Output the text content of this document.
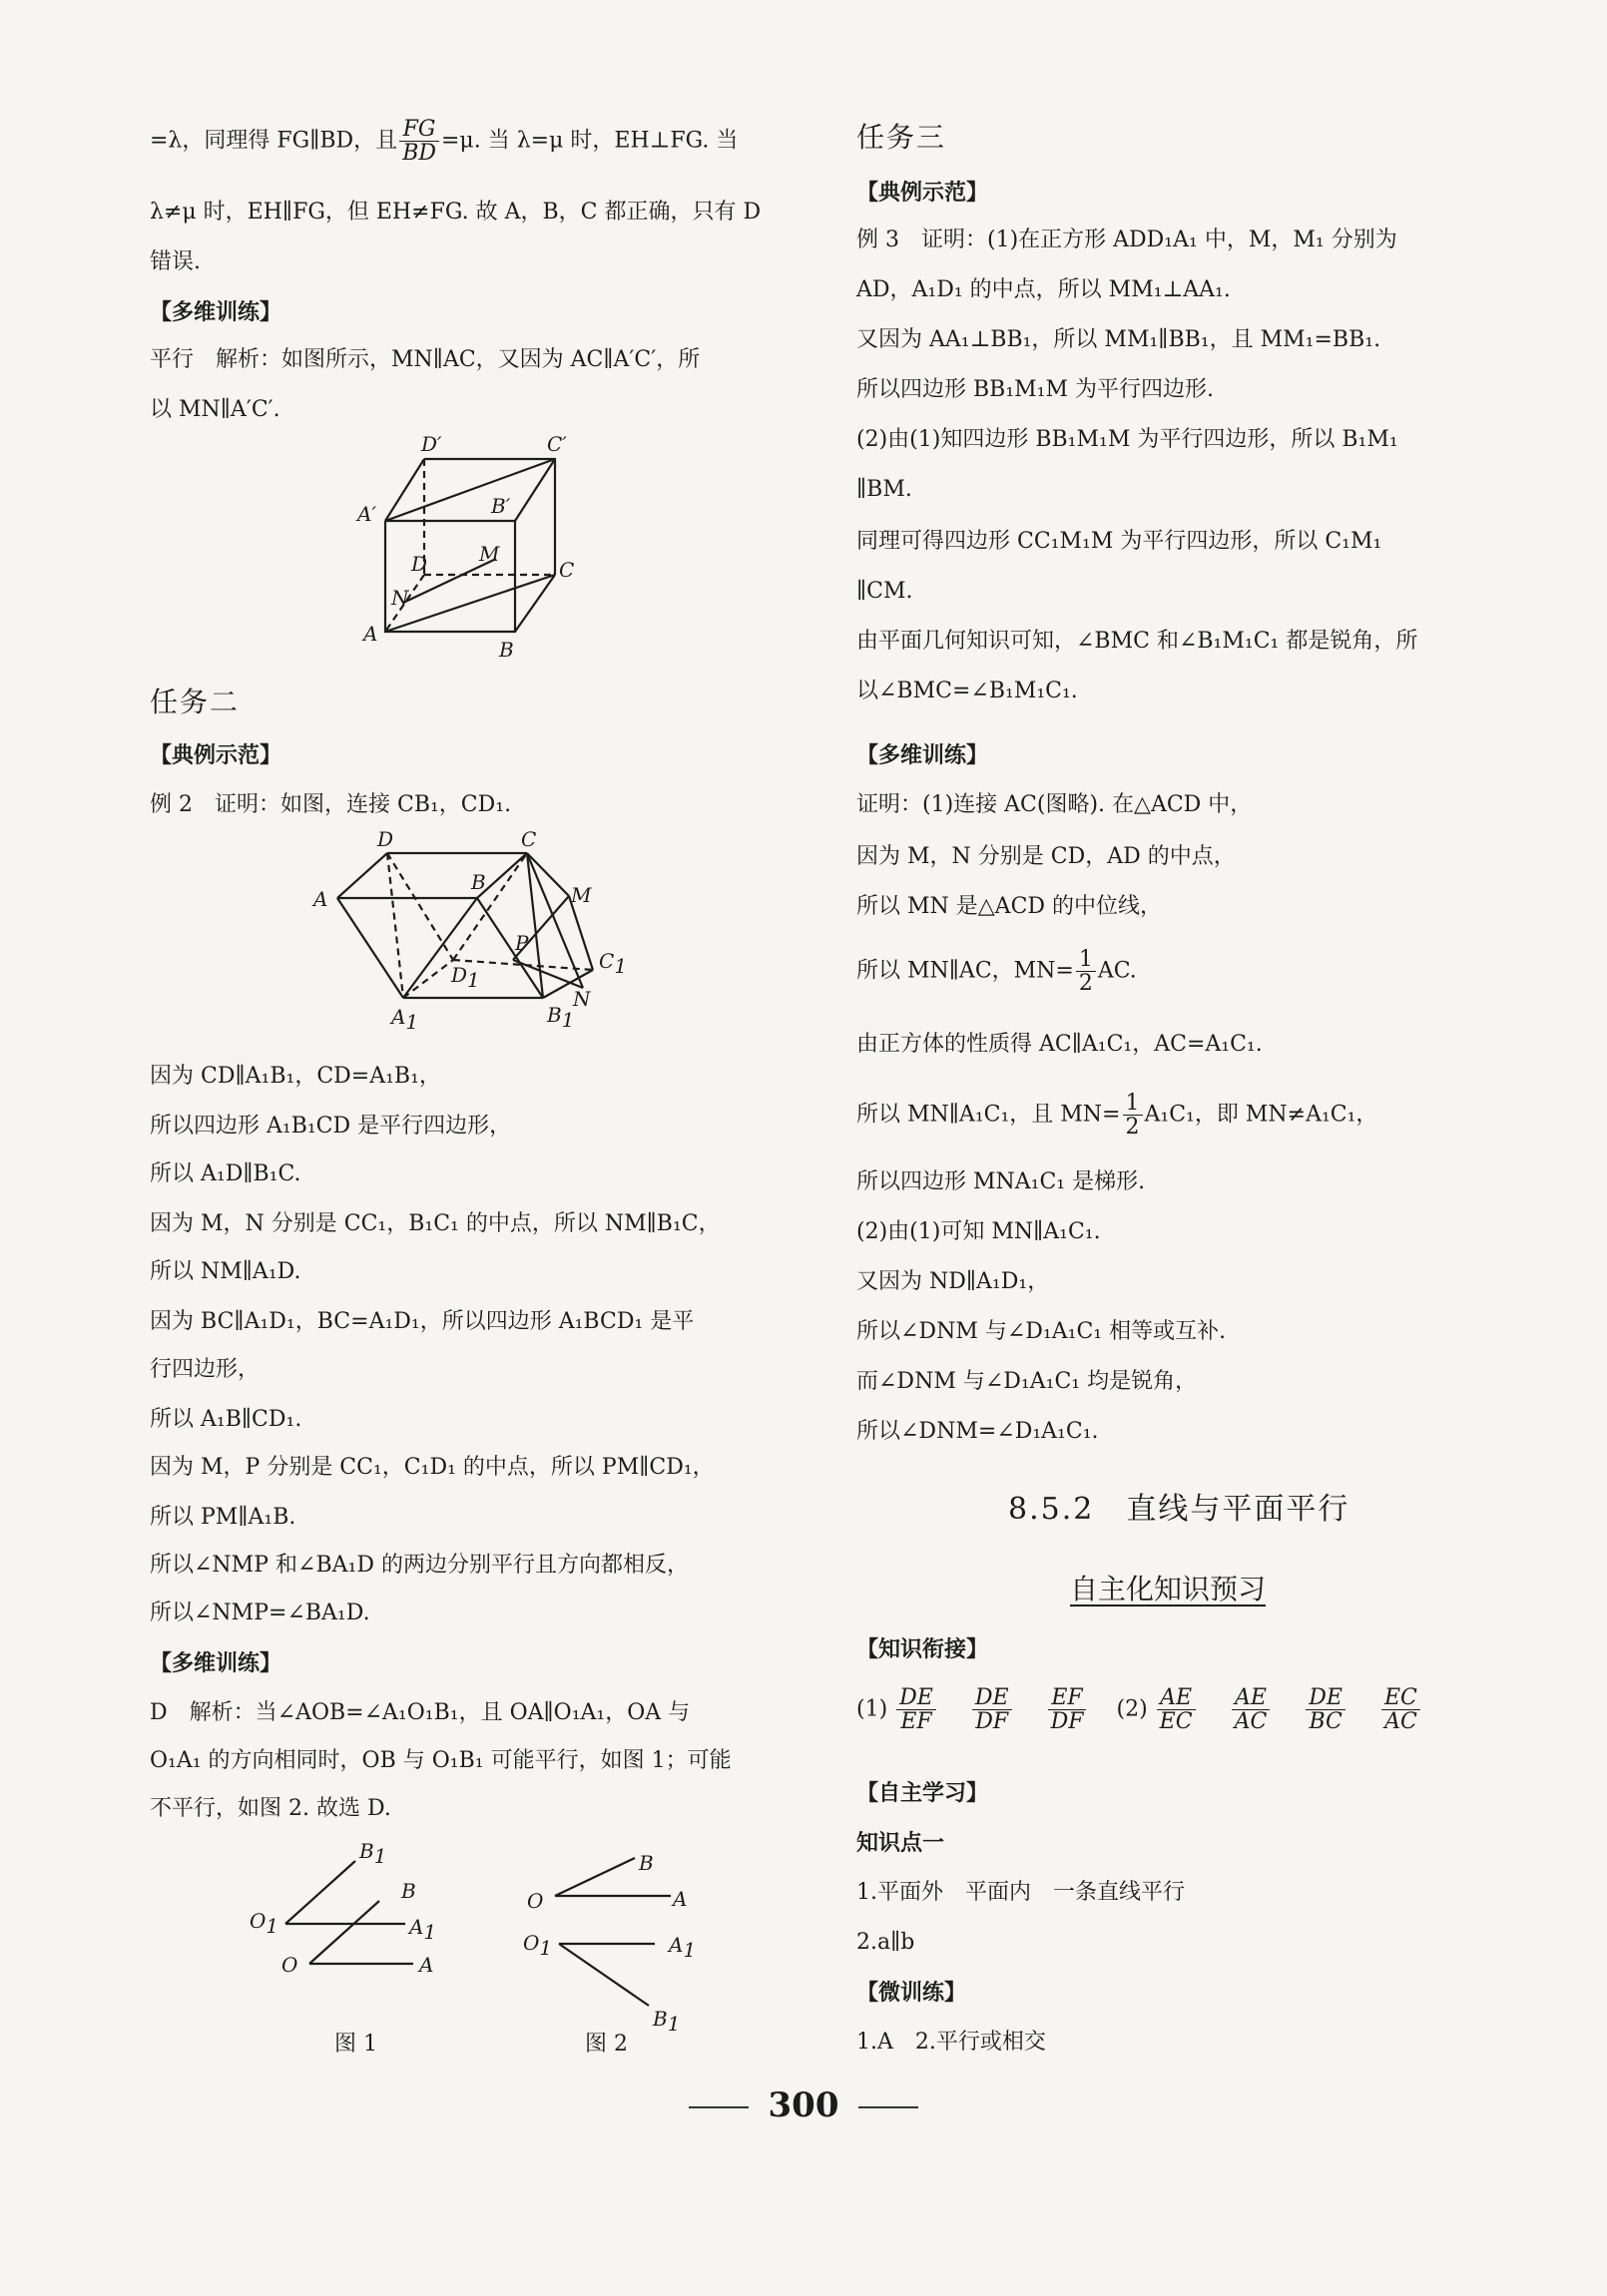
=λ，同理得 FG∥BD，且 $\frac{FG}{BD} =\mu$. 当 λ=μ 时，EH⊥FG. 当
λ≠μ 时，EH∥FG，但 EH≠FG. 故 A，B，C 都正确，只有 D
错误.
【多维训练】
平行　解析：如图所示，MN∥AC，又因为 AC∥A′C′，所
以 MN∥A′C′.
D′	C′
A′	B′
D	M
C
N
A
B
任务二
【典例示范】
例 2　证明：如图，连接 CB₁，CD₁.
D	C
B
A	M
P
C1
D1
N
A1	B1
因为 CD∥A₁B₁，CD=A₁B₁，
所以四边形 A₁B₁CD 是平行四边形，
所以 A₁D∥B₁C.
因为 M，N 分别是 CC₁，B₁C₁ 的中点，所以 NM∥B₁C，
所以 NM∥A₁D.
因为 BC∥A₁D₁，BC=A₁D₁，所以四边形 A₁BCD₁ 是平
行四边形，
所以 A₁B∥CD₁.
因为 M，P 分别是 CC₁，C₁D₁ 的中点，所以 PM∥CD₁，
所以 PM∥A₁B.
所以∠NMP 和∠BA₁D 的两边分别平行且方向都相反，
所以∠NMP=∠BA₁D.
【多维训练】
D　解析：当∠AOB=∠A₁O₁B₁，且 OA∥O₁A₁，OA 与
O₁A₁ 的方向相同时，OB 与 O₁B₁ 可能平行，如图 1；可能
不平行，如图 2. 故选 D.
B1
B
O1	A1
O	A
图 1
B
O	A
O1	A1
B1
图 2
任务三
【典例示范】
例 3　证明：(1)在正方形 ADD₁A₁ 中，M，M₁ 分别为
AD，A₁D₁ 的中点，所以 MM₁⊥AA₁.
又因为 AA₁⊥BB₁，所以 MM₁∥BB₁，且 MM₁=BB₁.
所以四边形 BB₁M₁M 为平行四边形.
(2)由(1)知四边形 BB₁M₁M 为平行四边形，所以 B₁M₁
∥BM.
同理可得四边形 CC₁M₁M 为平行四边形，所以 C₁M₁
∥CM.
由平面几何知识可知，∠BMC 和∠B₁M₁C₁ 都是锐角，所
以∠BMC=∠B₁M₁C₁.
【多维训练】
证明：(1)连接 AC(图略). 在△ACD 中，
因为 M，N 分别是 CD，AD 的中点，
所以 MN 是△ACD 的中位线，
所以 MN∥AC，$MN= \frac{1}{2}$ AC.
由正方体的性质得 AC∥A₁C₁，AC=A₁C₁.
所以 MN∥A₁C₁，且 $MN= \frac{1}{2} A_1C_1$，即 MN≠A₁C₁，
所以四边形 MNA₁C₁ 是梯形.
(2)由(1)可知 MN∥A₁C₁.
又因为 ND∥A₁D₁，
所以∠DNM 与∠D₁A₁C₁ 相等或互补.
而∠DNM 与∠D₁A₁C₁ 均是锐角，
所以∠DNM=∠D₁A₁C₁.
8.5.2　直线与平面平行
自主化知识预习
【知识衔接】
$(1) \frac{DE}{EF}$
$\frac{DE}{DF}$
$\frac{EF}{DF} (2) \frac{AE}{EC}$
$\frac{AE}{AC}$
$\frac{DE}{BC}$
$\frac{EC}{AC}$
【自主学习】
知识点一
1.平面外　平面内　一条直线平行
2.a∥b
【微训练】
1.A　2.平行或相交
300
